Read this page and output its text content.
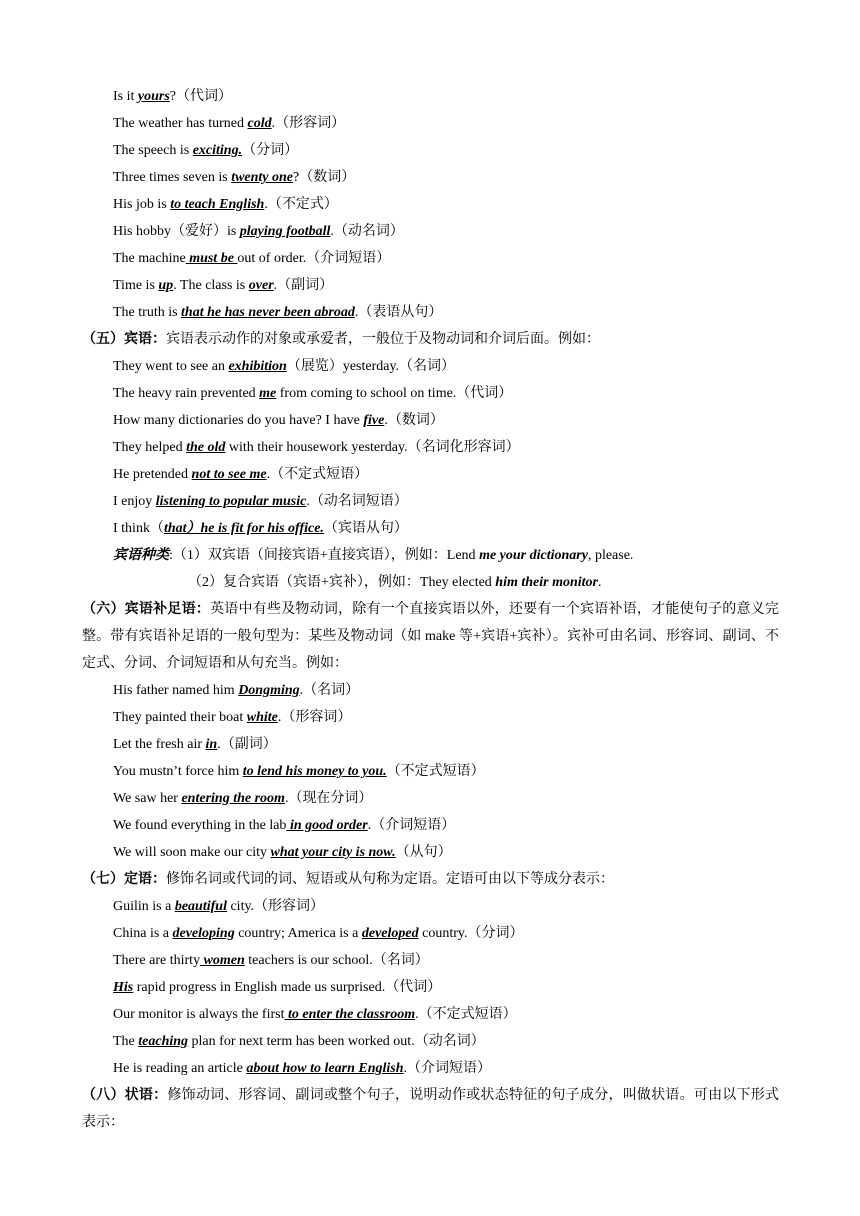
Is it yours?（代词）
The weather has turned cold.（形容词）
The speech is exciting.（分词）
Three times seven is twenty one?（数词）
His job is to teach English.（不定式）
His hobby（爱好）is playing football.（动名词）
The machine must be out of order.（介词短语）
Time is up. The class is over.（副词）
The truth is that he has never been abroad.（表语从句）
（五）宾语：宾语表示动作的对象或承爱者，一般位于及物动词和介词后面。例如：
They went to see an exhibition（展览）yesterday.（名词）
The heavy rain prevented me from coming to school on time.（代词）
How many dictionaries do you have? I have five.（数词）
They helped the old with their housework yesterday.（名词化形容词）
He pretended not to see me.（不定式短语）
I enjoy listening to popular music.（动名词短语）
I think（that）he is fit for his office.（宾语从句）
宾语种类:（1）双宾语（间接宾语+直接宾语），例如：Lend me your dictionary, please.
（2）复合宾语（宾语+宾补），例如：They elected him their monitor.
（六）宾语补足语：英语中有些及物动词，除有一个直接宾语以外，还要有一个宾语补语，才能使句子的意义完整。带有宾语补足语的一般句型为：某些及物动词（如 make 等+宾语+宾补）。宾补可由名词、形容词、副词、不定式、分词、介词短语和从句充当。例如：
His father named him Dongming.（名词）
They painted their boat white.（形容词）
Let the fresh air in.（副词）
You mustn’t force him to lend his money to you.（不定式短语）
We saw her entering the room.（现在分词）
We found everything in the lab in good order.（介词短语）
We will soon make our city what your city is now.（从句）
（七）定语：修饰名词或代词的词、短语或从句称为定语。定语可由以下等成分表示：
Guilin is a beautiful city.（形容词）
China is a developing country; America is a developed country.（分词）
There are thirty women teachers is our school.（名词）
His rapid progress in English made us surprised.（代词）
Our monitor is always the first to enter the classroom.（不定式短语）
The teaching plan for next term has been worked out.（动名词）
He is reading an article about how to learn English.（介词短语）
（八）状语：修饰动词、形容词、副词或整个句子，说明动作或状态特征的句子成分，叫做状语。可由以下形式表示：
